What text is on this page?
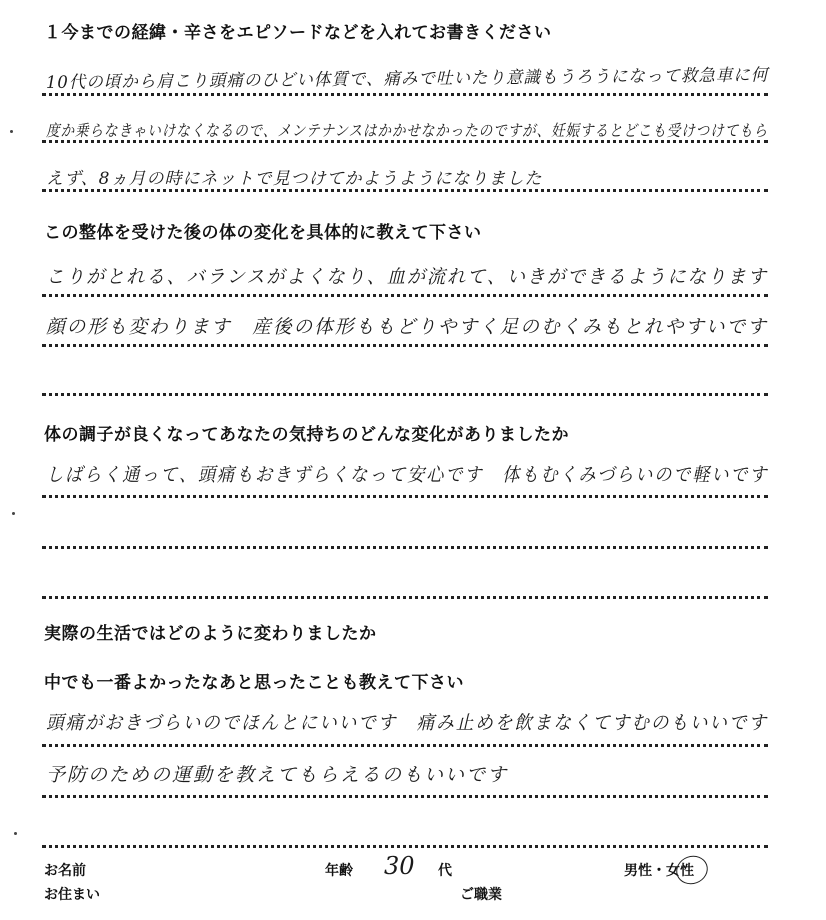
１今までの経緯・辛さをエピソードなどを入れてお書きください
10代の頃から肩こり頭痛のひどい体質で、痛みで吐いたり意識もうろうになって救急車に何
度か乗らなきゃいけなくなるので、メンテナンスはかかせなかったのですが、妊娠するとどこも受けつけてもら
えず、8ヵ月の時にネットで見つけてかようようになりました
この整体を受けた後の体の変化を具体的に教えて下さい
こりがとれる、バランスがよくなり、血が流れて、いきができるようになります
顔の形も変わります　産後の体形ももどりやすく足のむくみもとれやすいです
体の調子が良くなってあなたの気持ちのどんな変化がありましたか
しばらく通って、頭痛もおきずらくなって安心です　体もむくみづらいので軽いです
実際の生活ではどのように変わりましたか
中でも一番よかったなあと思ったことも教えて下さい
頭痛がおきづらいのでほんとにいいです　痛み止めを飲まなくてすむのもいいです
予防のための運動を教えてもらえるのもいいです
お名前
お住まい
年齢 30 代
ご職業
男性・女性
